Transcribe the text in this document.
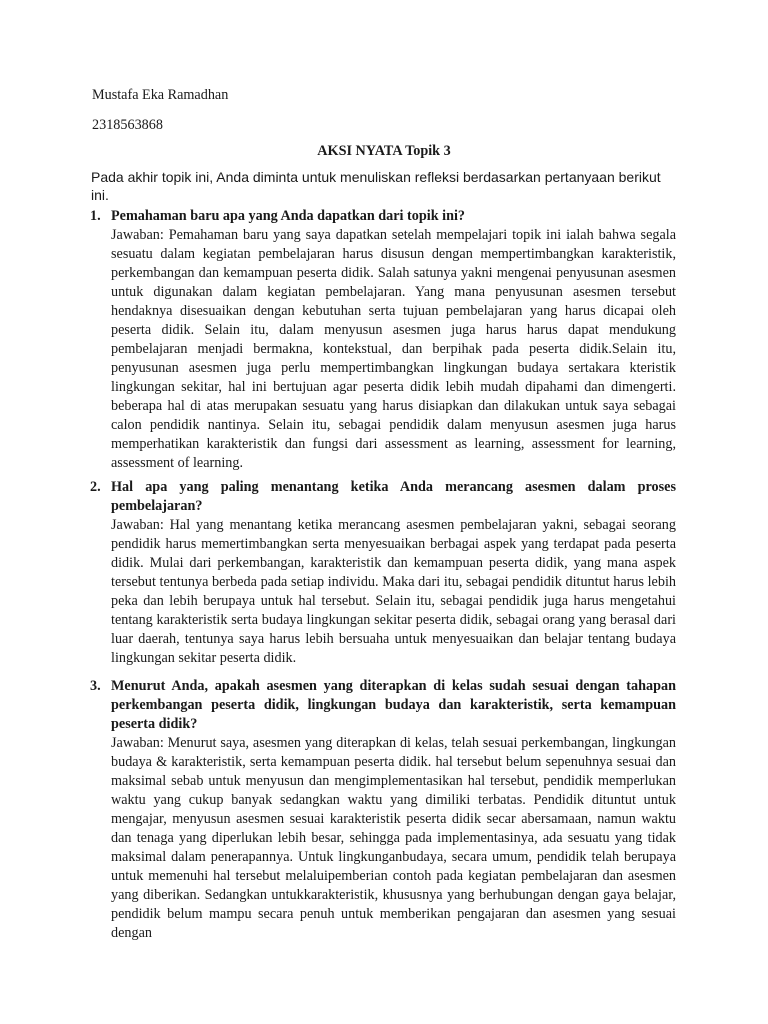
Mustafa Eka Ramadhan
2318563868
AKSI NYATA Topik 3
Pada akhir topik ini, Anda diminta untuk menuliskan refleksi berdasarkan pertanyaan berikut ini.
1. Pemahaman baru apa yang Anda dapatkan dari topik ini?
Jawaban: Pemahaman baru yang saya dapatkan setelah mempelajari topik ini ialah bahwa segala sesuatu dalam kegiatan pembelajaran harus disusun dengan mempertimbangkan karakteristik, perkembangan dan kemampuan peserta didik. Salah satunya yakni mengenai penyusunan asesmen untuk digunakan dalam kegiatan pembelajaran. Yang mana penyusunan asesmen tersebut hendaknya disesuaikan dengan kebutuhan serta tujuan pembelajaran yang harus dicapai oleh peserta didik. Selain itu, dalam menyusun asesmen juga harus harus dapat mendukung pembelajaran menjadi bermakna, kontekstual, dan berpihak pada peserta didik.Selain itu, penyusunan asesmen juga perlu mempertimbangkan lingkungan budaya sertakara kteristik lingkungan sekitar, hal ini bertujuan agar peserta didik lebih mudah dipahami dan dimengerti. beberapa hal di atas merupakan sesuatu yang harus disiapkan dan dilakukan untuk saya sebagai calon pendidik nantinya. Selain itu, sebagai pendidik dalam menyusun asesmen juga harus memperhatikan karakteristik dan fungsi dari assessment as learning, assessment for learning, assessment of learning.
2. Hal apa yang paling menantang ketika Anda merancang asesmen dalam proses pembelajaran?
Jawaban: Hal yang menantang ketika merancang asesmen pembelajaran yakni, sebagai seorang pendidik harus memertimbangkan serta menyesuaikan berbagai aspek yang terdapat pada peserta didik. Mulai dari perkembangan, karakteristik dan kemampuan peserta didik, yang mana aspek tersebut tentunya berbeda pada setiap individu. Maka dari itu, sebagai pendidik dituntut harus lebih peka dan lebih berupaya untuk hal tersebut. Selain itu, sebagai pendidik juga harus mengetahui tentang karakteristik serta budaya lingkungan sekitar peserta didik, sebagai orang yang berasal dari luar daerah, tentunya saya harus lebih bersuaha untuk menyesuaikan dan belajar tentang budaya lingkungan sekitar peserta didik.
3. Menurut Anda, apakah asesmen yang diterapkan di kelas sudah sesuai dengan tahapan perkembangan peserta didik, lingkungan budaya dan karakteristik, serta kemampuan peserta didik?
Jawaban: Menurut saya, asesmen yang diterapkan di kelas, telah sesuai perkembangan, lingkungan budaya & karakteristik, serta kemampuan peserta didik. hal tersebut belum sepenuhnya sesuai dan maksimal sebab untuk menyusun dan mengimplementasikan hal tersebut, pendidik memperlukan waktu yang cukup banyak sedangkan waktu yang dimiliki terbatas. Pendidik dituntut untuk mengajar, menyusun asesmen sesuai karakteristik peserta didik secar abersamaan, namun waktu dan tenaga yang diperlukan lebih besar, sehingga pada implementasinya, ada sesuatu yang tidak maksimal dalam penerapannya. Untuk lingkunganbudaya, secara umum, pendidik telah berupaya untuk memenuhi hal tersebut melaluipemberian contoh pada kegiatan pembelajaran dan asesmen yang diberikan. Sedangkan untukkarakteristik, khususnya yang berhubungan dengan gaya belajar, pendidik belum mampu secara penuh untuk memberikan pengajaran dan asesmen yang sesuai dengan
